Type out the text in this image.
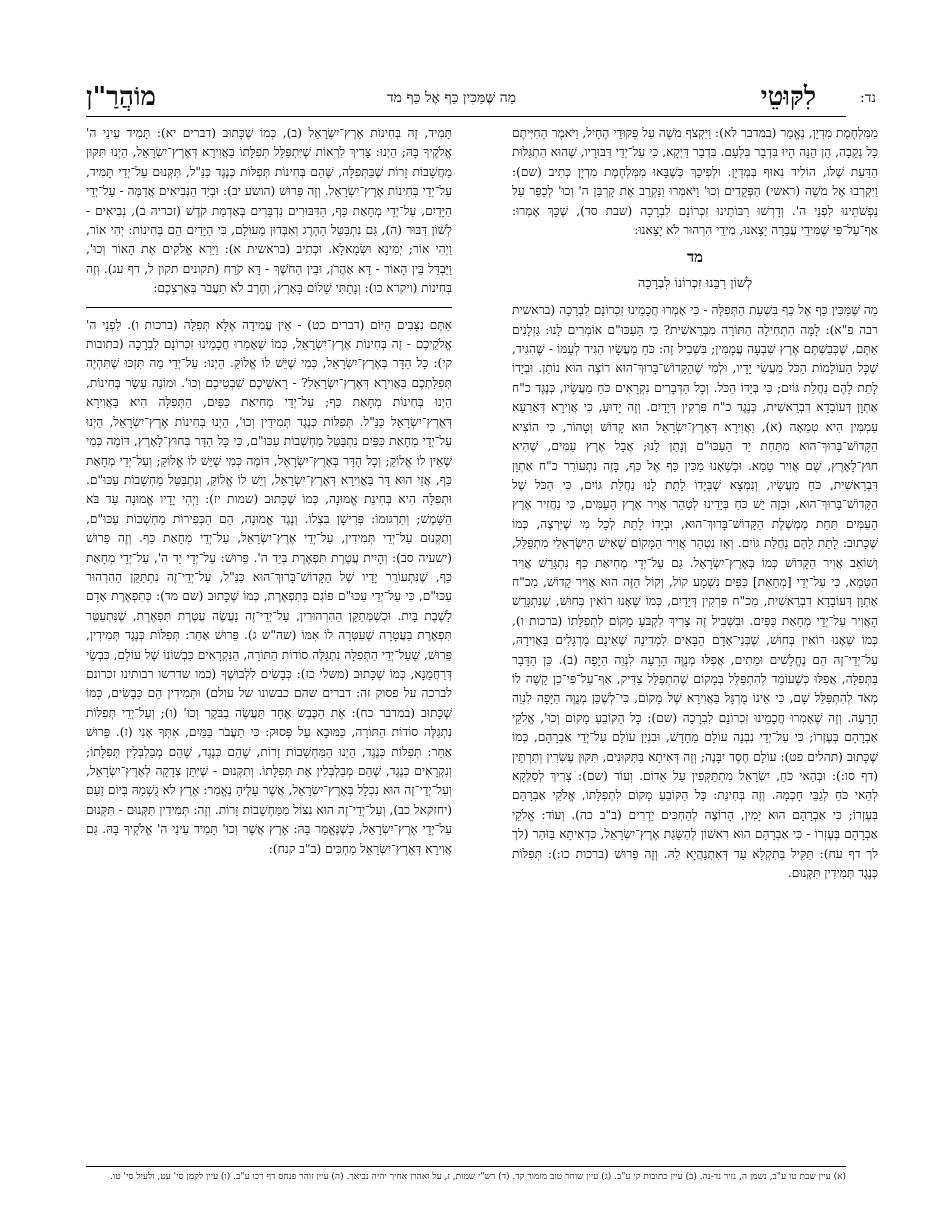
נד:
לִקּוּטֵי
מַה שֶּׁמַּכִּין כַּף אֶל כַּף מד
מוֹהֲרַ"ן

מִמִּלְחֶמֶת מִדְיָן, נֶאֱמַר (במדבר לא): וַיִּקְצֹף מֹשֶׁה עַל פְּקוּדֵי הֶחָיִל, וַיֹּאמֶר הַחִיִּיתֶם כָּל נְקֵבָה, הֵן הֵנָּה הָיוּ בִּדְבַר בִּלְעָם. בִּדְבַר דַּיְקָא, כִּי עַל־יְדֵי דִּבּוּרָיו, שֶׁהוּא הִתְגַּלּוּת הַדַּעַת שֶׁלּוֹ, הוֹלִיד נִאוּף בְּמִדְיָן. וּלְפִיכָךְ כְּשֶׁבָּאוּ מִמִּלְחֶמֶת מִדְיָן כְּתִיב (שם): וַיִּקְרְבוּ אֶל מֹשֶׁה (ראשי) הַפְּקֻדִים וְכוּ' וַיֹּאמְרוּ וַנַּקְרֵב אֶת קָרְבַּן ה' וְכוּ' לְכַפֵּר עַל נַפְשֹׁתֵינוּ לִפְנֵי ה'. וְדָרְשׁוּ רַבּוֹתֵינוּ זִכְרוֹנָם לִבְרָכָה (שבת סד), שֶׁכָּךְ אָמְרוּ: אַף־עַל־פִּי שֶׁמִּידֵי עֲבֵרָה יָצָאנוּ, מִידֵי הִרְהוּר לֹא יָצָאנוּ:

מד
לְשׁוֹן רַבֵּנוּ זִכְרוֹנוֹ לִבְרָכָה

מַה שֶּׁמַּכִּין כַּף אֶל כַּף בִּשְׁעַת הַתְּפִלָּה - כִּי אָמְרוּ חֲכָמֵינוּ זִכְרוֹנָם לִבְרָכָה (בראשית רבה פ"א): לָמָּה הִתְחִילָה הַתּוֹרָה מִבְּרֵאשִׁית? כִּי הָעַכּוּ"ם אוֹמְרִים לָנוּ: גַּזְלָנִים אַתֶּם, שֶׁכְּבַשְׁתֶּם אֶרֶץ שִׁבְעָה עֲמָמִין; בִּשְׁבִיל זֶה: כֹּחַ מַעֲשָׂיו הִגִּיד לְעַמּוֹ - שֶׁהִגִּיד, שֶׁכָּל הָעוֹלָמוֹת הַכֹּל מַעֲשֵׂי יָדָיו, וּלְמִי שֶׁהַקָּדוֹשׁ־בָּרוּךְ־הוּא רוֹצֶה הוּא נוֹתֵן. וּבְיָדוֹ לָתֵת לָהֶם נַחֲלַת גּוֹיִם; כִּי בְּיָדוֹ הַכֹּל. וְכָל הַדְּבָרִים נִקְרָאִים כֹּחַ מַעֲשָׂיו, כְּנֶגֶד כ"ח אַתְוָן דְּעוֹבָדָא דִבְרֵאשִׁית, כְּנֶגֶד כ"ח פִּרְקִין דְּיָדַיִם. וְזֶה יָדוּעַ, כִּי אֲוִירָא דְּאַרְעָא עַמְמִין הִיא טְמֵאָה (א), וַאֲוִירָא דְּאֶרֶץ־יִשְׂרָאֵל הוּא קָדוֹשׁ וְטָהוֹר, כִּי הוֹצִיא הַקָּדוֹשׁ־בָּרוּךְ־הוּא מִתַּחַת יַד הָעַכּוּ"ם וְנָתַן לָנוּ; אֲבָל אֶרֶץ עַמִּים, שֶׁהִיא חוּץ־לָאָרֶץ, שֶׁם אֲוִיר טָמֵא. וּכְשֶׁאָנוּ מַכִּין כַּף אֶל כַּף, בָּזֶה נִתְעוֹרֵר כ"ח אַתְוָן דִּבְרֵאשִׁית, כֹּחַ מַעֲשָׂיו, וְנִמְצָא שֶׁבְּיָדוֹ לָתֵת לָנוּ נַחֲלַת גּוֹיִם, כִּי הַכֹּל שֶׁל הַקָּדוֹשׁ־בָּרוּךְ־הוּא, וּבָזֶה יֵשׁ כֹּחַ בְּיָדֵינוּ לְטַהֵר אֲוִיר אֶרֶץ הָעַמִּים, כִּי נַחֲזִיר אֶרֶץ הָעַמִּים תַּחַת מֶמְשֶׁלֶת הַקָּדוֹשׁ־בָּרוּךְ־הוּא, וּבְיָדוֹ לָתֵת לְכָל מִי שֶׁיִּרְצֶה, כְּמוֹ שֶׁכָּתוּב: לָתֵת לָהֶם נַחֲלַת גּוֹיִם. וְאָז נִטְהַר אֲוִיר הַמָּקוֹם שֶׁאִישׁ הַיִּשְׂרְאֵלִי מִתְפַּלֵּל, וְשׁוֹאֵב אֲוִיר הַקָּדוֹשׁ כְּמוֹ בְּאֶרֶץ־יִשְׂרָאֵל. גַּם עַל־יְדֵי מְחִיאַת כַּף נִתְגָּרֵשׁ אֲוִיר הַטָּמֵא, כִּי עַל־יְדֵי [מְחָאַת] כַּפַּיִם נִשְׁמָע קוֹל, וְקוֹל הַזֶּה הוּא אֲוִיר קָדוֹשׁ, מִכ"ח אַתְוָן דְּעוֹבָדָא דִבְרֵאשִׁית, מִכ"ח פִּרְקִין דְּיָדַיִם, כְּמוֹ שֶׁאָנוּ רוֹאִין בְּחוּשׁ, שֶׁנִּתְגָּרֵשׁ הָאֲוִיר עַל־יְדֵי מְחָאַת כַּפַּיִם. וּבִשְׁבִיל זֶה צָרִיךְ לִקְבֹּעַ מָקוֹם לִתְפִלָּתוֹ (ברכות ו), כְּמוֹ שֶׁאָנוּ רוֹאִין בְּחוּשׁ, שֶׁבְּנֵי־אָדָם הַבָּאִים לִמְדִינָה שֶׁאֵינָם מֻרְגָּלִים בָּאֲוִירָהּ, עַל־יְדֵי־זֶה הֵם נֶחֱלָשִׁים וּמֵתִים, אֲפִלּוּ מְנֻוֶּה הָרָעָה לִנְוֵה הַיָּפָה (ב). כֵּן הַדָּבָר בַּתְּפִלָּה, אֲפִלּוּ כְּשֶׁעוֹמֵד לְהִתְפַּלֵּל בְּמָקוֹם שֶׁהִתְפַּלֵּל צַדִּיק, אַף־עַל־פִּי־כֵן קָשֶׁה לוֹ מְאֹד לְהִתְפַּלֵּל שָׁם, כִּי אֵינוֹ מֻרְגָּל בַּאֲוִירָא שֶׁל מָקוֹם, כִּי־לְשֶׁכֵּן מְנֻוֶּה הַיָּפָה לִנְוֵה הָרָעָה. וְזֶה שֶׁאָמְרוּ חֲכָמֵינוּ זִכְרוֹנָם לִבְרָכָה (שם): כָּל הַקּוֹבֵעַ מָקוֹם וְכוּ', אֱלֹקֵי אַבְרָהָם בְּעֶזְרוֹ; כִּי עַל־יְדֵי נִבְנָה עוֹלָם מֵחָדָשׁ, וּבִנְיַן עוֹלָם עַל־יְדֵי אַבְרָהָם, כְּמוֹ שֶׁכָּתוּב (תהלים פט): עוֹלָם חֶסֶד יִבָּנֶה; וְזֶה דְּאִיתָא בַּתִּקּוּנִים, תִּקּוּן עֶשְׂרִין וְתַרְתֵּין (דף סו:): וּבְהַאי כֹּחַ, יִשְׂרָאֵל מִתְתַּקְּפִין עַל אֻדוֹם. וְעוֹד (שם): צָרִיךְ לְסַלְּקָא לְהַאי כֹּחַ לְגַבֵּי חָכְמָה. וְזֶה בְּחִינַת: כָּל הַקּוֹבֵעַ מָקוֹם לִתְפִלָּתוֹ, אֱלֹקֵי אַבְרָהָם בְּעֶזְרוֹ; כִּי אַבְרָהָם הוּא יָמִין, הָרוֹצֶה לְהַחְכִּים יַדְרִים (ב"ב כה). וְעוֹד: אֱלֹקֵי אַבְרָהָם בְּעֶזְרוֹ - כִּי אַבְרָהָם הוּא רִאשׁוֹן לְהַשָּׂגַת אֶרֶץ־יִשְׂרָאֵל, כִּדְאִיתָא בַּזֹּהַר (לך לך דף עח): תַּקִּיל בְּתִקְלָא עַד דְּאִתְנַהֲיָא לֵהּ. וְזֶה פֵּרוּשׁ (ברכות כו:): תְּפִלּוֹת כְּנֶגֶד תְּמִידִין תִּקְּנוּם.

תָּמִיד, זֶה בְּחִינוֹת אֶרֶץ־יִשְׂרָאֵל (ב), כְּמוֹ שֶׁכָּתוּב (דברים יא): תָּמִיד עֵינֵי ה' אֱלֹקֶיךָ בָּהּ; הַיְנוּ: צָרִיךְ לִרְאוֹת שֶׁיִּתְפַּלֵּל תְּפִלָּתוֹ בַּאֲוִירָא דְּאֶרֶץ־יִשְׂרָאֵל, הַיְנוּ תִּקּוּן מַחֲשָׁבוֹת זָרוֹת שֶׁבַּתְּפִלָּה, שֶׁהֵם בְּחִינוֹת תְּפִלּוֹת כְּנֶגֶד כַּנַּ"ל, תִּקְּנוּם עַל־יְדֵי תָּמִיד, עַל־יְדֵי בְּחִינוֹת אֶרֶץ־יִשְׂרָאֵל. וְזֶה פֵּרוּשׁ (הושע יב): וּבְיַד הַנְּבִיאִים אֲדַמֶּה - עַל־יְדֵי הַיָּדַיִם, עַל־יְדֵי מְחָאַת כַּף, הַדִּבּוּרִים נִדְבָּרִים בְּאַדְמַת קֹדֶשׁ (זכריה ב), נְבִיאִים - לְשׁוֹן דִּבּוּר (ה), גַּם נִתְבַּטֵּל הַהֶרֶג וְאִבְּדוּן מֵעוֹלָם, כִּי הַיָּדַיִם הֵם בְּחִינוֹת: יְהִי אוֹר, וַיְהִי אוֹר; יְמִינָא וּשְׂמָאלָא. וּכְתִיב (בראשית א): וַיַּרְא אֱלֹקִים אֶת הָאוֹר וְכוּ', וַיַּבְדֵּל בֵּין הָאוֹר - דָּא אַהֲרֹן, וּבֵין הַחֹשֶׁךְ - דָּא קֹרַח (תקונים תקון ל, דף עג). וְזֶה בְּחִינוֹת (ויקרא כו): וְנָתַתִּי שָׁלוֹם בָּאָרֶץ, וְחֶרֶב לֹא תַעֲבֹר בְּאַרְצְכֶם:

אַתֶּם נִצָּבִים הַיּוֹם (דברים כט) - אֵין עֲמִידָה אֶלָּא תְּפִלָּה (ברכות ו). לִפְנֵי ה' אֱלֹקֵיכֶם - זֶה בְּחִינוֹת אֶרֶץ־יִשְׂרָאֵל, כְּמוֹ שֶׁאָמְרוּ חֲכָמֵינוּ זִכְרוֹנָם לִבְרָכָה (כתובות קי): כָּל הַדָּר בְּאֶרֶץ־יִשְׂרָאֵל, כְּמִי שֶׁיֵּשׁ לוֹ אֱלוֹקַּ. הַיְנוּ: עַל־יְדֵי מַה תִּזְכּוּ שֶׁתִּהְיֶה תְּפִלַּתְכֶם בַּאֲוִירָא דְּאֶרֶץ־יִשְׂרָאֵל? - רָאשֵׁיכֶם שִׁבְטֵיכֶם וְכוּ'. וּמוֹנֶה עָשָׂר בְּחִינוֹת, הַיְנוּ בְּחִינוֹת מְחָאַת כַּף; עַל־יְדֵי מְחִיאַת כַּפַּיִם, הַתְּפִלָּה הִיא בַּאֲוִירָא דְּאֶרֶץ־יִשְׂרָאֵל כַּנַּ"ל. תְּפִלּוֹת כְּנֶגֶד תְּמִידִין וְכוּ', הַיְנוּ בְּחִינוֹת אֶרֶץ־יִשְׂרָאֵל, הַיְנוּ עַל־יְדֵי מְחָאַת כַּפַּיִם נִתְבַּטֵּל מַחְשְׁבוֹת עַכּוּ"ם, כִּי כָּל הַדָּר בְּחוּץ־לָאָרֶץ, דּוֹמֶה כְּמִי שֶׁאֵין לוֹ אֱלוֹקַּ; וְכָל הַדָּר בְּאֶרֶץ־יִשְׂרָאֵל, דּוֹמֶה כְּמִי שֶׁיֵּשׁ לוֹ אֱלוֹקַּ; וְעַל־יְדֵי מְחָאַת כַּף, אֲזַי הוּא דָּר בַּאֲוִירָא דְּאֶרֶץ־יִשְׂרָאֵל, וְיֵשׁ לוֹ אֱלוֹקַּ, וְנִתְבַּטֵּל מַחְשָׁבוֹת עַכּוּ"ם. וּתְפִלָּה הִיא בְּחִינַת אֱמוּנָה, כְּמוֹ שֶׁכָּתוּב (שמות יז): וַיְהִי יָדָיו אֱמוּנָה עַד בֹּא הַשָּׁמֶשׁ; וְתַרְגּוּמוֹ: פְּרִישָׁן בִּצְלוֹ. וְנֶגֶד אֱמוּנָה, הֵם הַכְּפִירוֹת מַחְשְׁבוֹת עַכּוּ"ם, וְתִקְּנוּם עַל־יְדֵי תְּמִידִין, עַל־יְדֵי אֶרֶץ־יִשְׂרָאֵל, עַל־יְדֵי מְחָאַת כַּף. וְזֶה פֵּרוּשׁ (ישעיה סב): וְהָיִית עֲטֶרֶת תִּפְאֶרֶת בְּיַד ה'. פֵּרוּשׁ: עַל־יְדֵי יַד ה', עַל־יְדֵי מְחָאַת כַּף, שֶׁנִּתְעוֹרֵר יָדָיו שֶׁל הַקָּדוֹשׁ־בָּרוּךְ־הוּא כַּנַּ"ל, עַל־יְדֵי־זֶה נִתְתַּקֵּן הַהִרְהוּר עַכּוּ"ם, כִּי עַל־יְדֵי עַכּוּ"ם פּוֹגְם בְּתִפְאֶרֶת, כְּמוֹ שֶׁכָּתוּב (שם מד): כְּתִפְאֶרֶת אָדָם לָשֶׁבֶת בָּיִת. וּכְשֶׁמְּתַקֵּן הַהִרְהוּרִין, עַל־יְדֵי־זֶה נַעֲשֶׂה עֲטֶרֶת תִּפְאֶרֶת, שֶׁנִּתְעַטֵּר תִּפְאֶרֶת בַּעֲטָרָה שֶׁעִטְּרָה לוֹ אִמּוֹ (שה"ש ג). פֵּרוּשׁ אַחֵר: תְּפִלּוֹת כְּנֶגֶד תְּמִידִין, פֵּרוּשׁ, שֶׁעַל־יְדֵי הַתְּפִלָּה נִתְגַּלֶּה סוֹדוֹת הַתּוֹרָה, הַנִּקְרָאִים כִּבְשׁוֹנוֹ שֶׁל עוֹלָם, כִּבְשֵׂי דְּרַחֲמָנָא, כְּמוֹ שֶׁכָּתוּב (משלי כז): כְּבָשִׂים לִלְבוּשֶׁךָ (כמו שדרשו רבותינו זכרונם לברכה על פסוק זה: דברים שהם כבשונו של עולם) וּתְמִידִין הֵם כְּבָשִׂים, כְּמוֹ שֶׁכָּתוּב (במדבר כח): אֶת הַכֶּבֶשׂ אֶחָד תַּעֲשֶׂה בַבֹּקֶר וְכוּ' (ו); וְעַל־יְדֵי תְּפִלּוֹת נִתְגַּלֶּה סוֹדוֹת הַתּוֹרָה, כַּמּוּבָא עַל פָּסוּק: כִּי תַעֲבֹר בַּמַּיִם, אִתְּךָ אָנִי (ז). פֵּרוּשׁ אַחֵר: תְּפִלּוֹת כְּנֶגֶד, הַיְנוּ הַמַּחְשָׁבוֹת זָרוֹת, שֶׁהֵם כְּנֶגֶד, שֶׁהֵם מְבַלְבְּלִין תְּפִלָּתוֹ; וְנִקְרָאִים כְּנֶגֶד, שֶׁהֵם מְבַלְבְּלִין אֶת תְּפִלָּתוֹ. וְתִקְּנוּם - שֶׁיִּתֵּן צְדָקָה לְאֶרֶץ־יִשְׂרָאֵל, וְעַל־יְדֵי־זֶה הוּא נִכְלָל בְּאֶרֶץ־יִשְׂרָאֵל, אֲשֶׁר עָלֶיהָ נֶאֱמַר: אֶרֶץ לֹא גֻשְׁמָהּ בְּיוֹם זַעַם (יחזקאל כב), וְעַל־יְדֵי־זֶה הוּא נִצּוֹל מִמַּחְשָׁבוֹת זָרוֹת. וְזֶה: תְּמִידִין תִּקְּנוּם - תִּקְּנוּם עַל־יְדֵי אֶרֶץ־יִשְׂרָאֵל, כְּשֶׁנֶּאֱמַר בָּהּ: אֶרֶץ אֲשֶׁר וְכוּ' תָּמִיד עֵינֵי ה' אֱלֹקֶיךָ בָּהּ. גַּם אֲוִירָא דְּאֶרֶץ־יִשְׂרָאֵל מַחְכִּים (ב"ב קנח):

(א) עיין שבת טו ע"ב, נשמן ה, נזיר נד-נה. (ב) עיין כתובות קי ע"ב. (ג) עיין שוחר טוב מזמור קד. (ד) רש"י שמות, ז, על ואהרן אחיך יהיה נביאך. (ה) עיין זוהר פנחס דף רכו ע"ב. (ו) עיין לקמן סי' עט, ולעיל סי' טו.
